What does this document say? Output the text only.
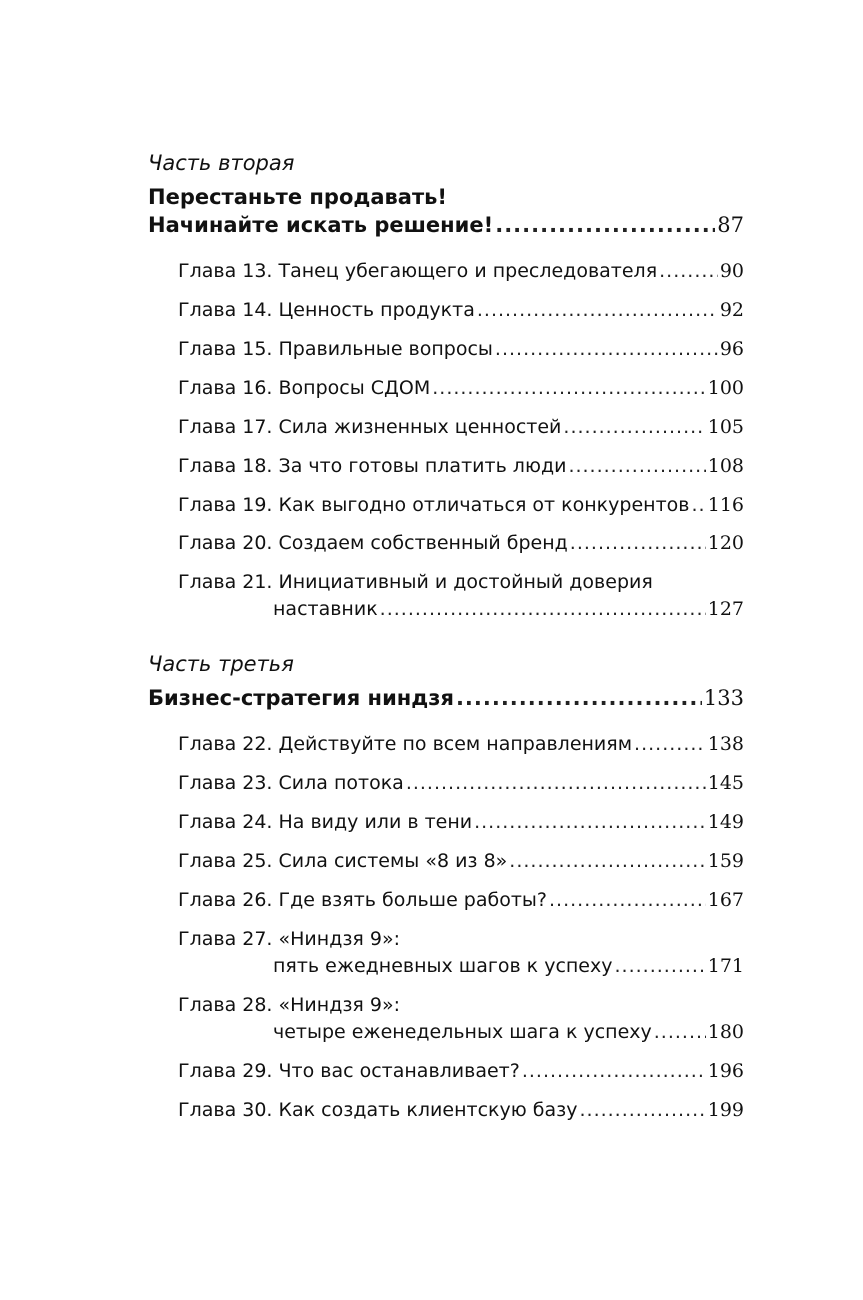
Часть вторая
Перестаньте продавать!
Начинайте искать решение! .....	87
Глава 13. Танец убегающего и преследователя .....	90
Глава 14. Ценность продукта .....	92
Глава 15. Правильные вопросы .....	96
Глава 16. Вопросы СДОМ .....	100
Глава 17. Сила жизненных ценностей .....	105
Глава 18. За что готовы платить люди .....	108
Глава 19. Как выгодно отличаться от конкурентов ..... 116
Глава 20. Создаем собственный бренд .....	120
Глава 21. Инициативный и достойный доверия
наставник .....	127
Часть третья
Бизнес-стратегия ниндзя .....	133
Глава 22. Действуйте по всем направлениям .....	138
Глава 23. Сила потока .....	145
Глава 24. На виду или в тени .....	149
Глава 25. Сила системы «8 из 8» .....	159
Глава 26. Где взять больше работы? .....	167
Глава 27. «Ниндзя 9»:
пять ежедневных шагов к успеху .....	171
Глава 28. «Ниндзя 9»:
четыре еженедельных шага к успеху .....	180
Глава 29. Что вас останавливает? .....	196
Глава 30. Как создать клиентскую базу .....	199
